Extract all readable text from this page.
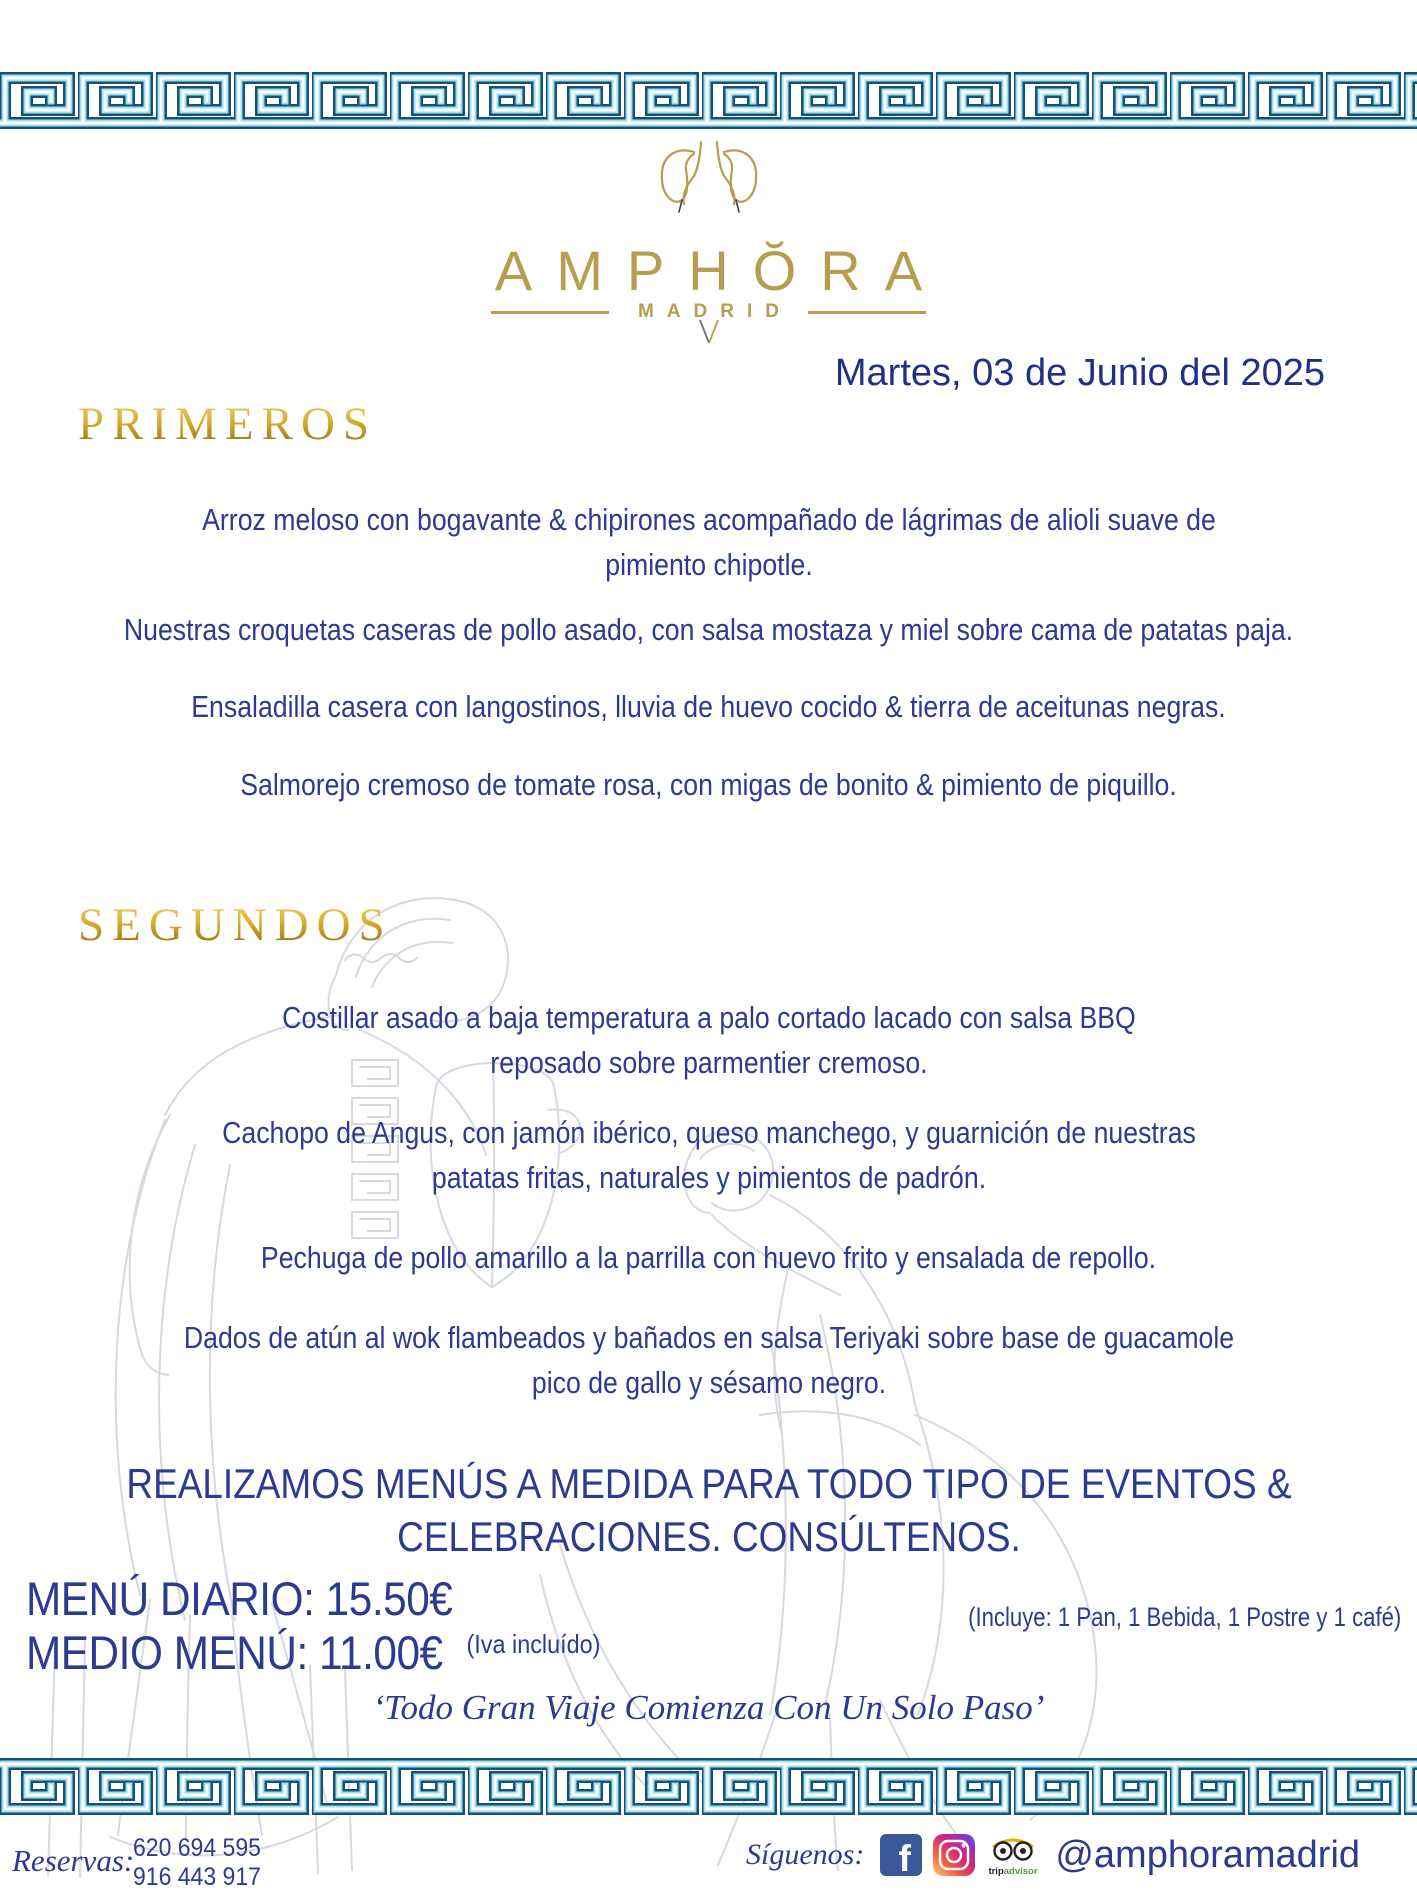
AMPHŎRA
MADRID
Martes, 03 de Junio del 2025
PRIMEROS
Arroz meloso con bogavante & chipirones acompañado de lágrimas de alioli suave de pimiento chipotle.
Nuestras croquetas caseras de pollo asado, con salsa mostaza y miel sobre cama de patatas paja.
Ensaladilla casera con langostinos, lluvia de huevo cocido & tierra de aceitunas negras.
Salmorejo cremoso de tomate rosa, con migas de bonito & pimiento de piquillo.
SEGUNDOS
Costillar asado a baja temperatura a palo cortado lacado con salsa BBQ reposado sobre parmentier cremoso.
Cachopo de Angus, con jamón ibérico, queso manchego, y guarnición de nuestras patatas fritas, naturales y pimientos de padrón.
Pechuga de pollo amarillo a la parrilla con huevo frito y ensalada de repollo.
Dados de atún al wok flambeados y bañados en salsa Teriyaki sobre base de guacamole pico de gallo y sésamo negro.
REALIZAMOS MENÚS A MEDIDA PARA TODO TIPO DE EVENTOS & CELEBRACIONES. CONSÚLTENOS.
MENÚ DIARIO: 15.50€
MEDIO MENÚ: 11.00€ $^{(Iva incluído)}$
(Incluye: 1 Pan, 1 Bebida, 1 Postre y 1 café)
‘Todo Gran Viaje Comienza Con Un Solo Paso’
Reservas:
620 694 595
916 443 917
Síguenos: f	tripadvisor @amphoramadrid
